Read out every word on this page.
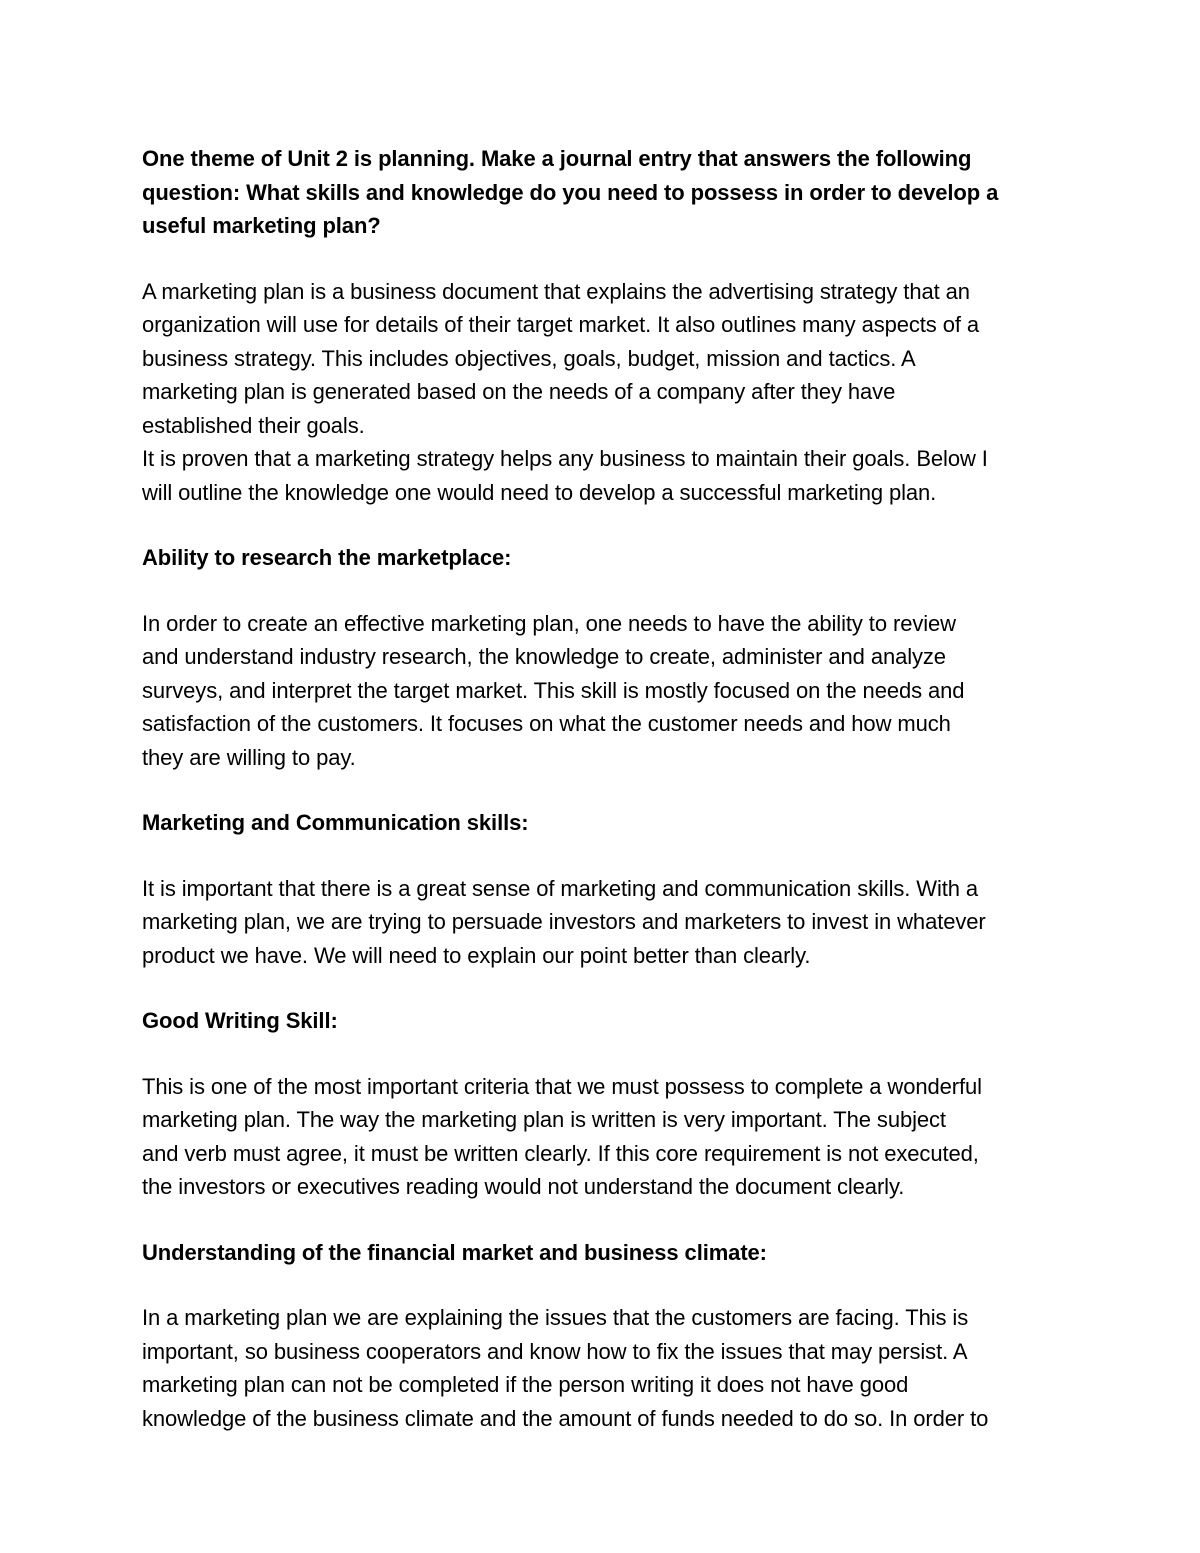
One theme of Unit 2 is planning. Make a journal entry that answers the following
question: What skills and knowledge do you need to possess in order to develop a
useful marketing plan?
A marketing plan is a business document that explains the advertising strategy that an
organization will use for details of their target market. It also outlines many aspects of a
business strategy. This includes objectives, goals, budget, mission and tactics. A
marketing plan is generated based on the needs of a company after they have
established their goals.
It is proven that a marketing strategy helps any business to maintain their goals. Below I
will outline the knowledge one would need to develop a successful marketing plan.
Ability to research the marketplace:
In order to create an effective marketing plan, one needs to have the ability to review
and understand industry research, the knowledge to create, administer and analyze
surveys, and interpret the target market. This skill is mostly focused on the needs and
satisfaction of the customers. It focuses on what the customer needs and how much
they are willing to pay.
Marketing and Communication skills:
It is important that there is a great sense of marketing and communication skills. With a
marketing plan, we are trying to persuade investors and marketers to invest in whatever
product we have. We will need to explain our point better than clearly.
Good Writing Skill:
This is one of the most important criteria that we must possess to complete a wonderful
marketing plan. The way the marketing plan is written is very important. The subject
and verb must agree, it must be written clearly. If this core requirement is not executed,
the investors or executives reading would not understand the document clearly.
Understanding of the financial market and business climate:
In a marketing plan we are explaining the issues that the customers are facing. This is
important, so business cooperators and know how to fix the issues that may persist. A
marketing plan can not be completed if the person writing it does not have good
knowledge of the business climate and the amount of funds needed to do so. In order to
